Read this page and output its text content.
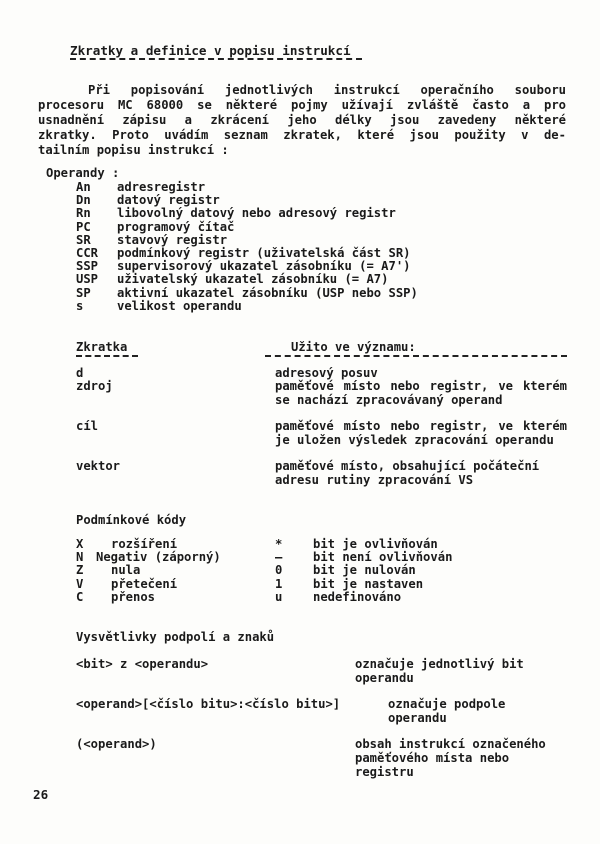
Zkratky a definice v popisu instrukcí
Při popisování jednotlivých instrukcí operačního souboru
procesoru MC 68000 se některé pojmy užívají zvláště často a pro
usnadnění zápisu a zkrácení jeho délky jsou zavedeny některé
zkratky. Proto uvádím seznam zkratek, které jsou použity v de-
tailním popisu instrukcí :
Operandy :
An adresregistr
Dn datový registr
Rn libovolný datový nebo adresový registr
PC programový čítač
SR stavový registr
CCR podmínkový registr (uživatelská část SR)
SSP supervisorový ukazatel zásobníku (= A7')
USP uživatelský ukazatel zásobníku (= A7)
SP aktivní ukazatel zásobníku (USP nebo SSP)
s	velikost operandu
Zkratka	Užito ve významu:
d	adresový posuv
zdroj	paměťové místo nebo registr, ve kterém se nachází zpracovávaný operand
cíl	paměťové místo nebo registr, ve kterém je uložen výsledek zpracování operandu
vektor	paměťové místo, obsahující počáteční adresu rutiny zpracování VS
Podmínkové kódy
X rozšíření	*	bit je ovlivňován
N Negativ (záporný)	–	bit není ovlivňován
Z nula	0	bit je nulován
V přetečení	1	bit je nastaven
C přenos	u	nedefinováno
Vysvětlivky podpolí a znaků
<bit> z <operandu>	označuje jednotlivý bit operandu
<operand>[<číslo bitu>:<číslo bitu>]	označuje podpole operandu
(<operand>)	obsah instrukcí označeného paměťového místa nebo registru
26
